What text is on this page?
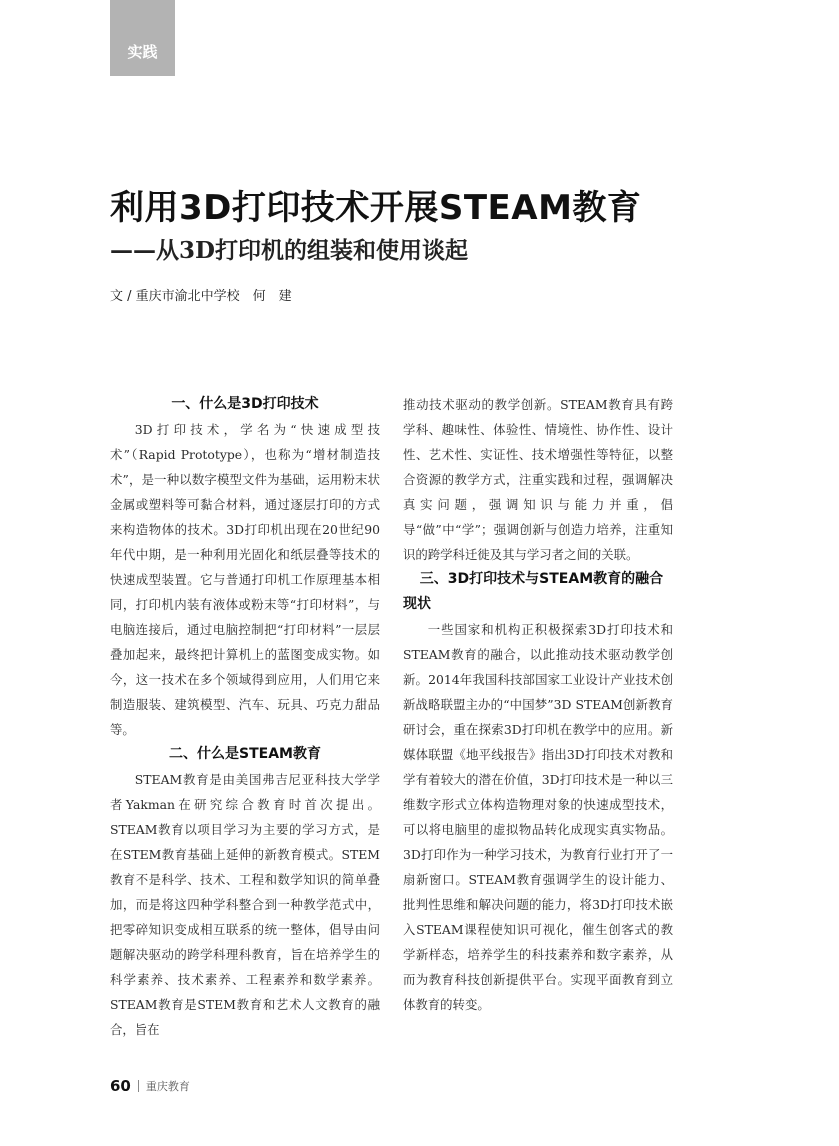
实践
利用3D打印技术开展STEAM教育
——从3D打印机的组装和使用谈起
文 / 重庆市渝北中学校　何　建
一、什么是3D打印技术

3D打印技术，学名为“快速成型技术”（Rapid Prototype），也称为“增材制造技术”，是一种以数字模型文件为基础，运用粉末状金属或塑料等可黏合材料，通过逐层打印的方式来构造物体的技术。3D打印机出现在20世纪90年代中期，是一种利用光固化和纸层叠等技术的快速成型装置。它与普通打印机工作原理基本相同，打印机内装有液体或粉末等“打印材料”，与电脑连接后，通过电脑控制把“打印材料”一层层叠加起来，最终把计算机上的蓝图变成实物。如今，这一技术在多个领域得到应用，人们用它来制造服装、建筑模型、汽车、玩具、巧克力甜品等。

二、什么是STEAM教育

STEAM教育是由美国弗吉尼亚科技大学学者Yakman在研究综合教育时首次提出。STEAM教育以项目学习为主要的学习方式，是在STEM教育基础上延伸的新教育模式。STEM教育不是科学、技术、工程和数学知识的简单叠加，而是将这四种学科整合到一种教学范式中，把零碎知识变成相互联系的统一整体，倡导由问题解决驱动的跨学科理科教育，旨在培养学生的科学素养、技术素养、工程素养和数学素养。STEAM教育是STEM教育和艺术人文教育的融合，旨在

推动技术驱动的教学创新。STEAM教育具有跨学科、趣味性、体验性、情境性、协作性、设计性、艺术性、实证性、技术增强性等特征，以整合资源的教学方式，注重实践和过程，强调解决真实问题，强调知识与能力并重，倡导“做”中“学”；强调创新与创造力培养，注重知识的跨学科迁徙及其与学习者之间的关联。

三、3D打印技术与STEAM教育的融合现状

一些国家和机构正积极探索3D打印技术和STEAM教育的融合，以此推动技术驱动教学创新。2014年我国科技部国家工业设计产业技术创新战略联盟主办的“中国梦”3D STEAM创新教育研讨会，重在探索3D打印机在教学中的应用。新媒体联盟《地平线报告》指出3D打印技术对教和学有着较大的潜在价值，3D打印技术是一种以三维数字形式立体构造物理对象的快速成型技术，可以将电脑里的虚拟物品转化成现实真实物品。3D打印作为一种学习技术，为教育行业打开了一扇新窗口。STEAM教育强调学生的设计能力、批判性思维和解决问题的能力，将3D打印技术嵌入STEAM课程使知识可视化，催生创客式的教学新样态，培养学生的科技素养和数字素养，从而为教育科技创新提供平台。实现平面教育到立体教育的转变。

60 重庆教育
